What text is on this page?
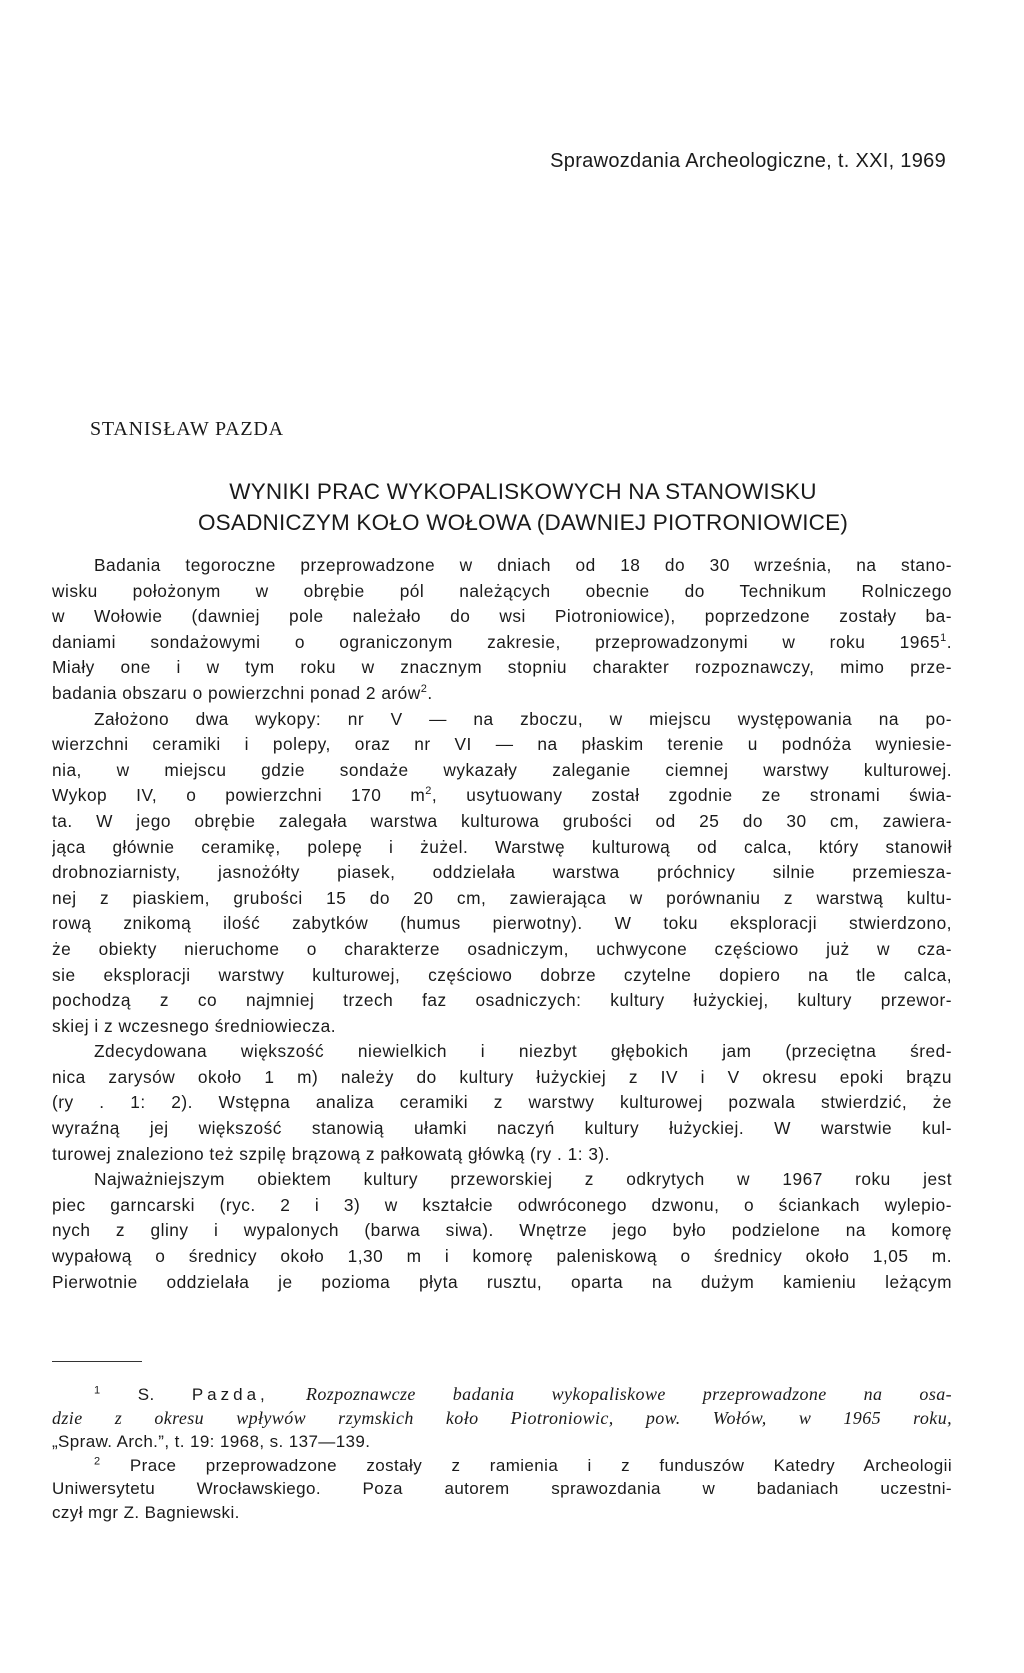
Sprawozdania Archeologiczne, t. XXI, 1969
STANISŁAW PAZDA
WYNIKI PRAC WYKOPALISKOWYCH NA STANOWISKU
OSADNICZYM KOŁO WOŁOWA (DAWNIEJ PIOTRONIOWICE)
Badania tegoroczne przeprowadzone w dniach od 18 do 30 września, na stano-
wisku położonym w obrębie pól należących obecnie do Technikum Rolniczego
w Wołowie (dawniej pole należało do wsi Piotroniowice), poprzedzone zostały ba-
daniami sondażowymi o ograniczonym zakresie, przeprowadzonymi w roku 1965$^1$.
Miały one i w tym roku w znacznym stopniu charakter rozpoznawczy, mimo prze-
badania obszaru o powierzchni ponad 2 arów$^2$.
Założono dwa wykopy: nr V — na zboczu, w miejscu występowania na po-
wierzchni ceramiki i polepy, oraz nr VI — na płaskim terenie u podnóża wyniesie-
nia, w miejscu gdzie sondaże wykazały zaleganie ciemnej warstwy kulturowej.
Wykop IV, o powierzchni 170 $m^2$, usytuowany został zgodnie ze stronami świa-
ta. W jego obrębie zalegała warstwa kulturowa grubości od 25 do 30 cm, zawiera-
jąca głównie ceramikę, polepę i żużel. Warstwę kulturową od calca, który stanowił
drobnoziarnisty, jasnożółty piasek, oddzielała warstwa próchnicy silnie przemiesza-
nej z piaskiem, grubości 15 do 20 cm, zawierająca w porównaniu z warstwą kultu-
rową znikomą ilość zabytków (humus pierwotny). W toku eksploracji stwierdzono,
że obiekty nieruchome o charakterze osadniczym, uchwycone częściowo już w cza-
sie eksploracji warstwy kulturowej, częściowo dobrze czytelne dopiero na tle calca,
pochodzą z co najmniej trzech faz osadniczych: kultury łużyckiej, kultury przewor-
skiej i z wczesnego średniowiecza.
Zdecydowana większość niewielkich i niezbyt głębokich jam (przeciętna śred-
nica zarysów około 1 m) należy do kultury łużyckiej z IV i V okresu epoki brązu
(ry . 1: 2). Wstępna analiza ceramiki z warstwy kulturowej pozwala stwierdzić, że
wyraźną jej większość stanowią ułamki naczyń kultury łużyckiej. W warstwie kul-
turowej znaleziono też szpilę brązową z pałkowatą główką (ry . 1: 3).
Najważniejszym obiektem kultury przeworskiej z odkrytych w 1967 roku jest
piec garncarski (ryc. 2 i 3) w kształcie odwróconego dzwonu, o ściankach wylepio-
nych z gliny i wypalonych (barwa siwa). Wnętrze jego było podzielone na komorę
wypałową o średnicy około 1,30 m i komorę paleniskową o średnicy około 1,05 m.
Pierwotnie oddzielała je pozioma płyta rusztu, oparta na dużym kamieniu leżącym
$^1$ S. Pazda, Rozpoznawcze badania wykopaliskowe przeprowadzone na osa-
dzie z okresu wpływów rzymskich koło Piotroniowic, pow. Wołów, w 1965 roku,
„Spraw. Arch.”, t. 19: 1968, s. 137—139.
$^2$ Prace przeprowadzone zostały z ramienia i z funduszów Katedry Archeologii
Uniwersytetu Wrocławskiego. Poza autorem sprawozdania w badaniach uczestni-
czył mgr Z. Bagniewski.
